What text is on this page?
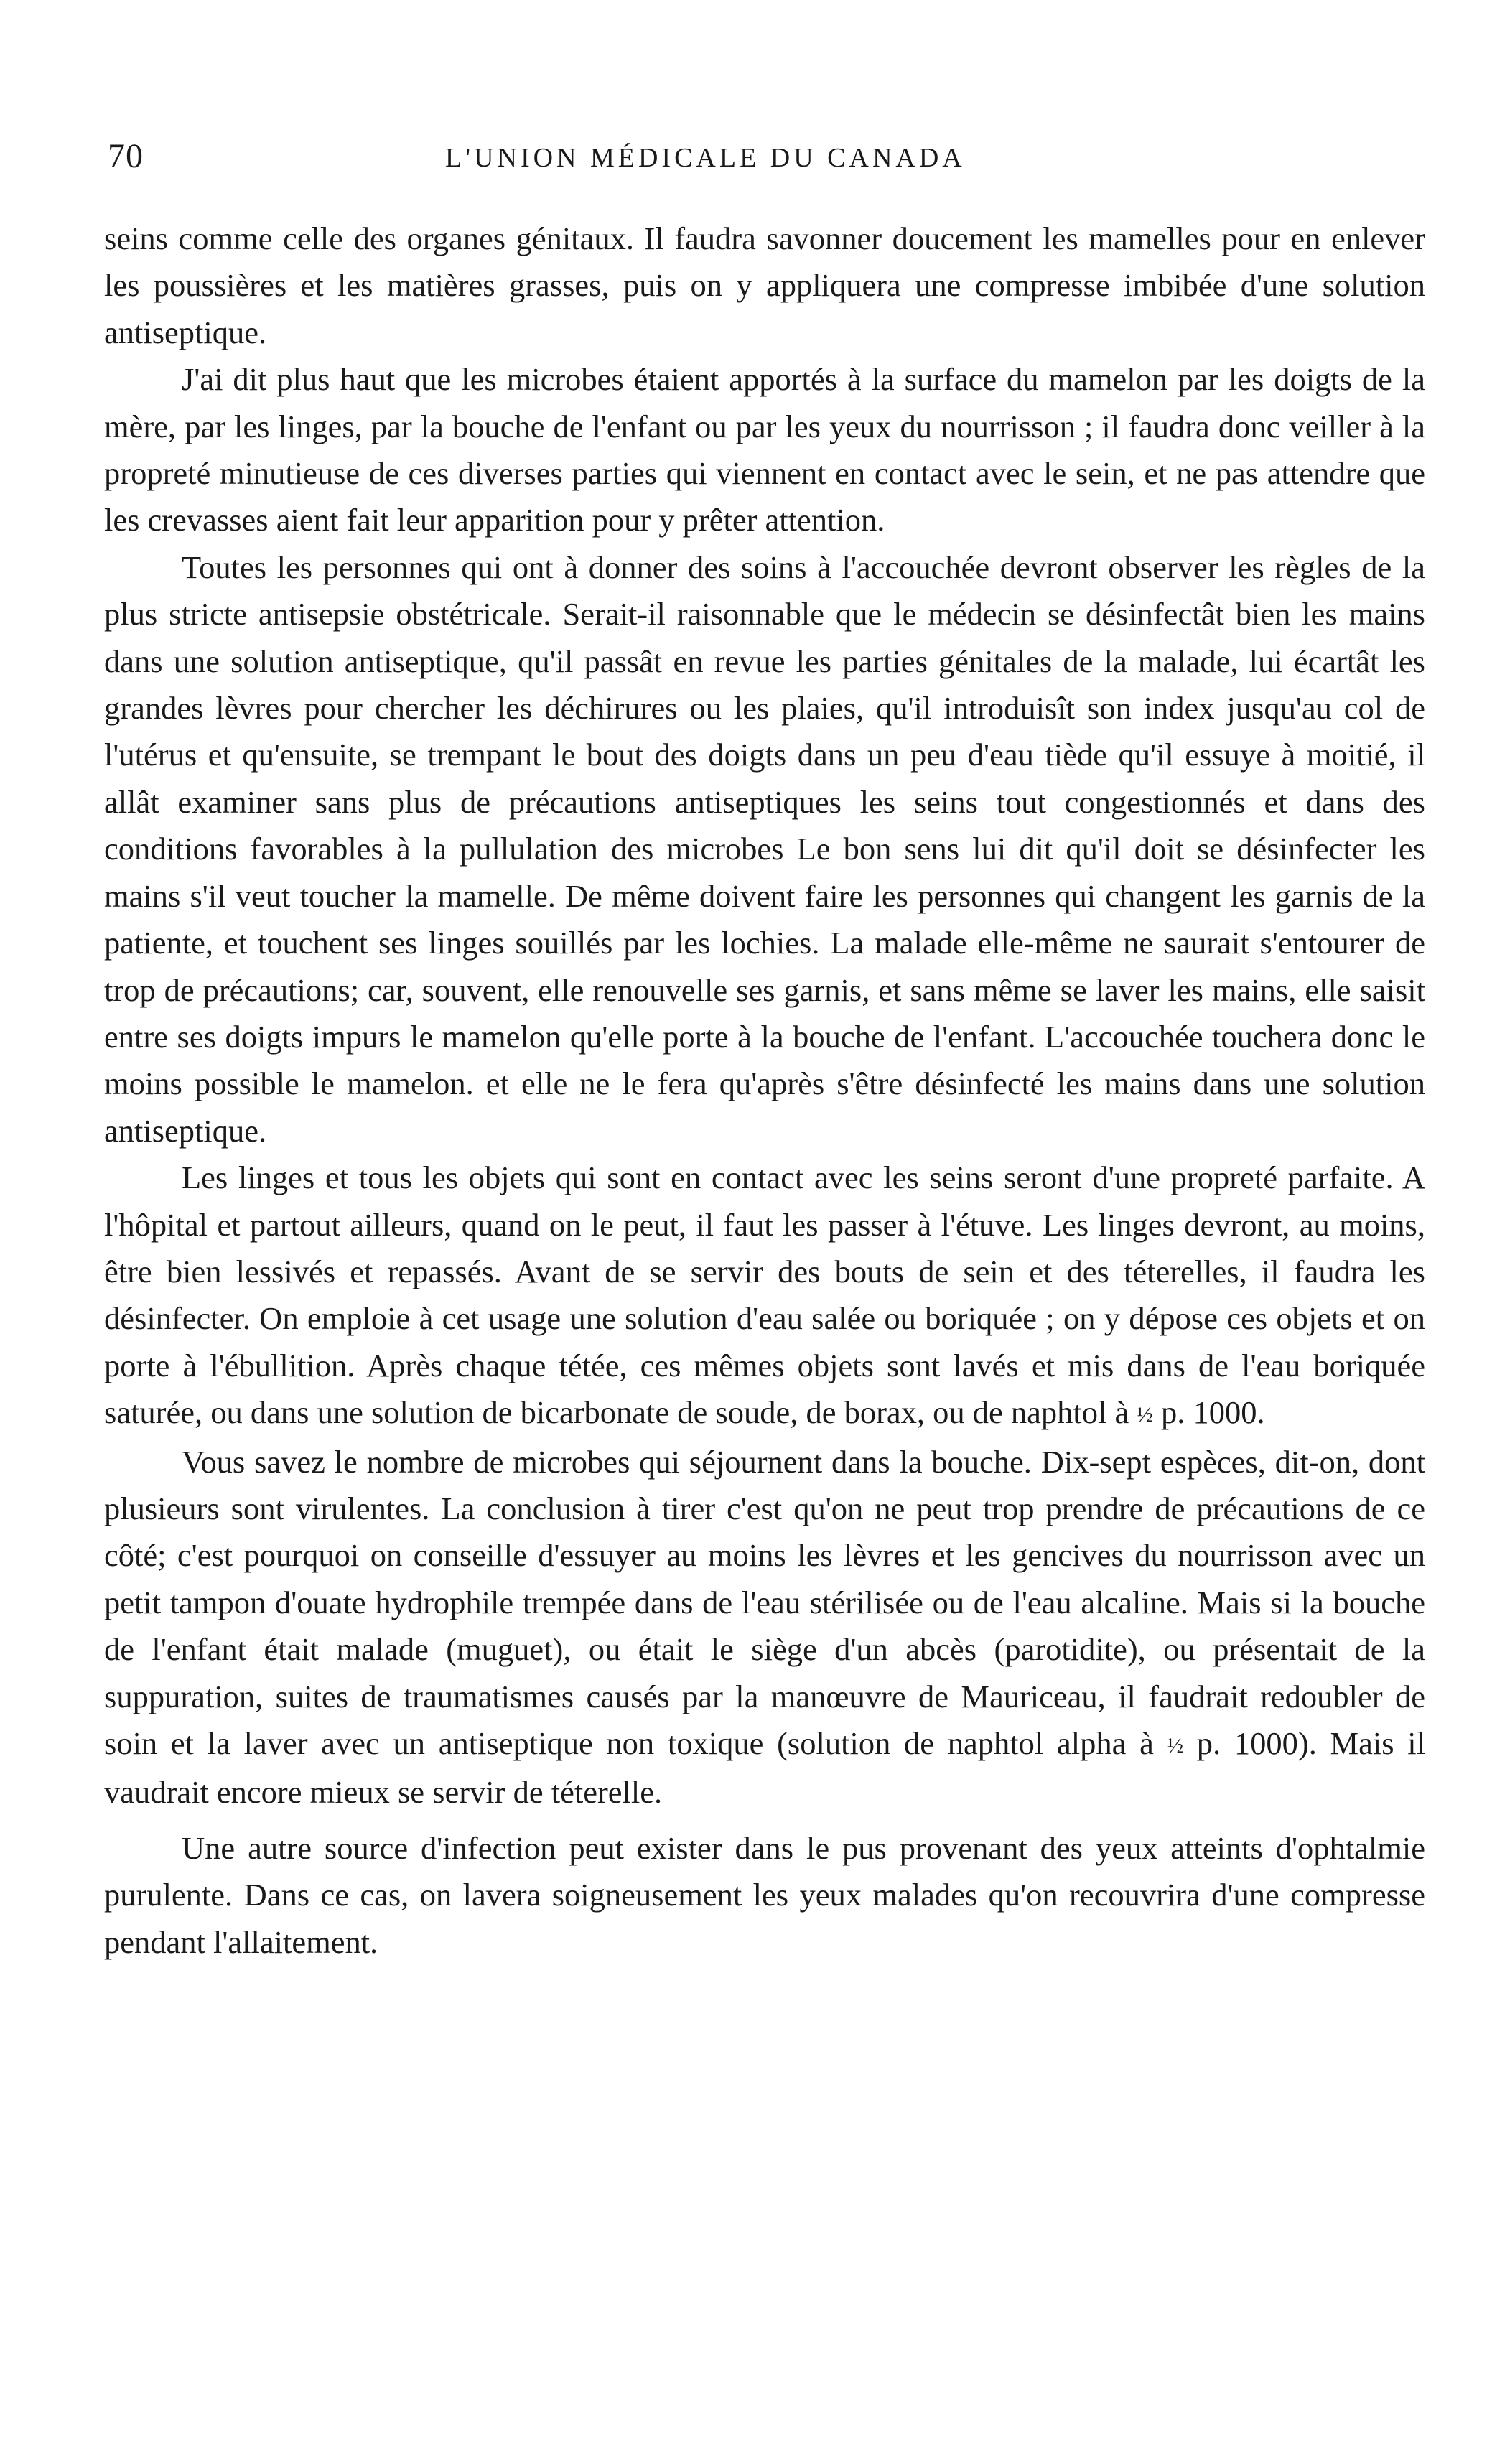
70	L'UNION MÉDICALE DU CANADA

seins comme celle des organes génitaux. Il faudra savonner doucement les mamelles pour en enlever les poussières et les matières grasses, puis on y appliquera une compresse imbibée d'une solution antiseptique.

J'ai dit plus haut que les microbes étaient apportés à la surface du mamelon par les doigts de la mère, par les linges, par la bouche de l'enfant ou par les yeux du nourrisson ; il faudra donc veiller à la propreté minutieuse de ces diverses parties qui viennent en contact avec le sein, et ne pas attendre que les crevasses aient fait leur apparition pour y prêter attention.

Toutes les personnes qui ont à donner des soins à l'accouchée devront observer les règles de la plus stricte antisepsie obstétricale. Serait-il raisonnable que le médecin se désinfectât bien les mains dans une solution antiseptique, qu'il passât en revue les parties génitales de la malade, lui écartât les grandes lèvres pour chercher les déchirures ou les plaies, qu'il introduisît son index jusqu'au col de l'utérus et qu'ensuite, se trempant le bout des doigts dans un peu d'eau tiède qu'il essuye à moitié, il allât examiner sans plus de précautions antiseptiques les seins tout congestionnés et dans des conditions favorables à la pullulation des microbes Le bon sens lui dit qu'il doit se désinfecter les mains s'il veut toucher la mamelle. De même doivent faire les personnes qui changent les garnis de la patiente, et touchent ses linges souillés par les lochies. La malade elle-même ne saurait s'entourer de trop de précautions; car, souvent, elle renouvelle ses garnis, et sans même se laver les mains, elle saisit entre ses doigts impurs le mamelon qu'elle porte à la bouche de l'enfant. L'accouchée touchera donc le moins possible le mamelon. et elle ne le fera qu'après s'être désinfecté les mains dans une solution antiseptique.

Les linges et tous les objets qui sont en contact avec les seins seront d'une propreté parfaite. A l'hôpital et partout ailleurs, quand on le peut, il faut les passer à l'étuve. Les linges devront, au moins, être bien lessivés et repassés. Avant de se servir des bouts de sein et des téterelles, il faudra les désinfecter. On emploie à cet usage une solution d'eau salée ou boriquée ; on y dépose ces objets et on porte à l'ébullition. Après chaque tétée, ces mêmes objets sont lavés et mis dans de l'eau boriquée saturée, ou dans une solution de bicarbonate de soude, de borax, ou de naphtol à ½ p. 1000.

Vous savez le nombre de microbes qui séjournent dans la bouche. Dix-sept espèces, dit-on, dont plusieurs sont virulentes. La conclusion à tirer c'est qu'on ne peut trop prendre de précautions de ce côté; c'est pourquoi on conseille d'essuyer au moins les lèvres et les gencives du nourrisson avec un petit tampon d'ouate hydrophile trempée dans de l'eau stérilisée ou de l'eau alcaline. Mais si la bouche de l'enfant était malade (muguet), ou était le siège d'un abcès (parotidite), ou présentait de la suppuration, suites de traumatismes causés par la manœuvre de Mauriceau, il faudrait redoubler de soin et la laver avec un antiseptique non toxique (solution de naphtol alpha à ½ p. 1000). Mais il vaudrait encore mieux se servir de téterelle.

Une autre source d'infection peut exister dans le pus provenant des yeux atteints d'ophtalmie purulente. Dans ce cas, on lavera soigneusement les yeux malades qu'on recouvrira d'une compresse pendant l'allaitement.
